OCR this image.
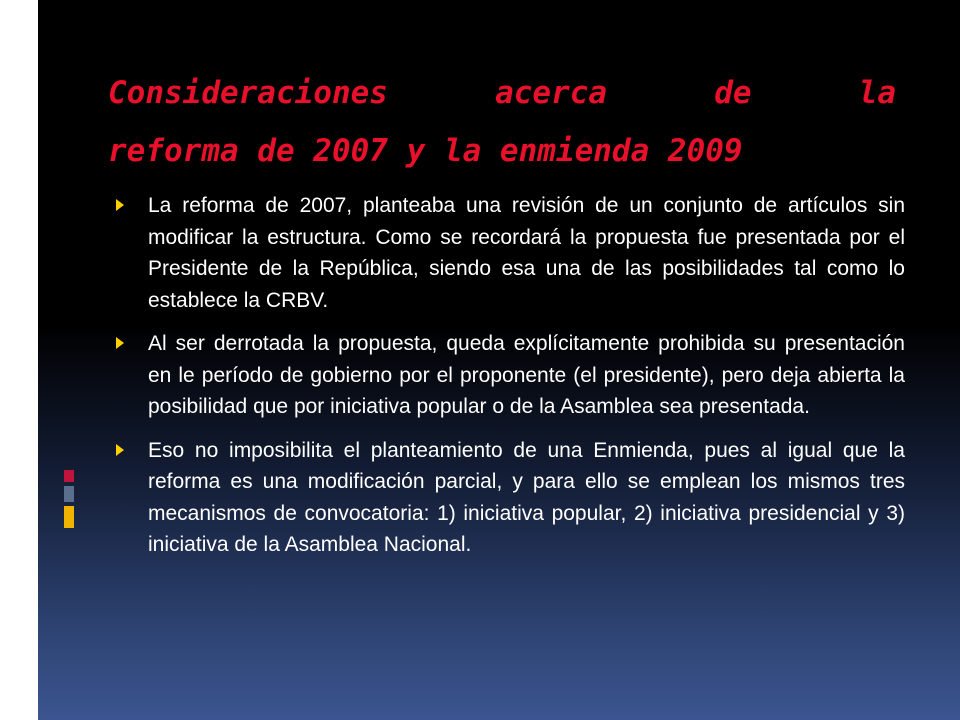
Consideraciones acerca de la
reforma de 2007 y la enmienda 2009
La reforma de 2007, planteaba una revisión de un conjunto de artículos sin modificar la estructura. Como se recordará la propuesta fue presentada por el Presidente de la República, siendo esa una de las posibilidades tal como lo establece la CRBV.
Al ser derrotada la propuesta, queda explícitamente prohibida su presentación en le período de gobierno por el proponente (el presidente), pero deja abierta la posibilidad que por iniciativa popular o de la Asamblea sea presentada.
Eso no imposibilita el planteamiento de una Enmienda, pues al igual que la reforma es una modificación parcial, y para ello se emplean los mismos tres mecanismos de convocatoria: 1) iniciativa popular, 2) iniciativa presidencial y 3) iniciativa de la Asamblea Nacional.
